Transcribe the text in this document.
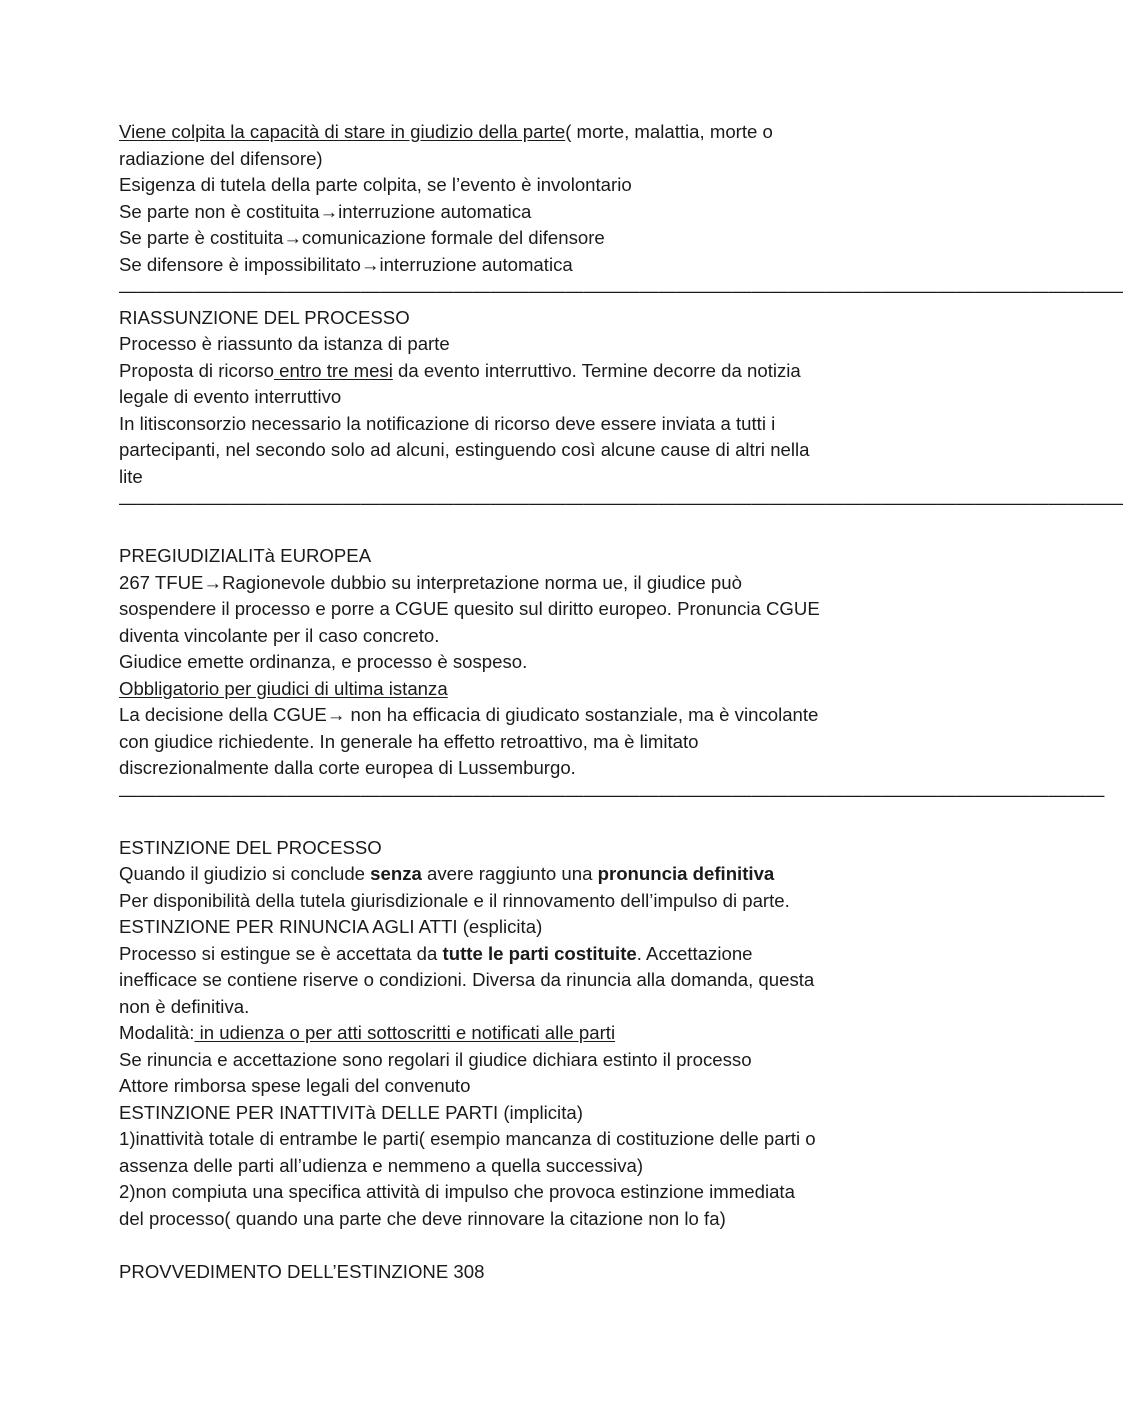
Viene colpita la capacità di stare in giudizio della parte( morte, malattia, morte o
radiazione del difensore)
Esigenza di tutela della parte colpita, se l’evento è involontario
Se parte non è costituita→interruzione automatica
Se parte è costituita→comunicazione formale del difensore
Se difensore è impossibilitato→interruzione automatica
——————————————————————————————————————————————————————
RIASSUNZIONE DEL PROCESSO
Processo è riassunto da istanza di parte
Proposta di ricorso entro tre mesi da evento interruttivo. Termine decorre da notizia
legale di evento interruttivo
In litisconsorzio necessario la notificazione di ricorso deve essere inviata a tutti i
partecipanti, nel secondo solo ad alcuni, estinguendo così alcune cause di altri nella
lite
——————————————————————————————————————————————————————
PREGIUDIZIALITà EUROPEA
267 TFUE→Ragionevole dubbio su interpretazione norma ue, il giudice può
sospendere il processo e porre a CGUE quesito sul diritto europeo. Pronuncia CGUE
diventa vincolante per il caso concreto.
Giudice emette ordinanza, e processo è sospeso.
Obbligatorio per giudici di ultima istanza
La decisione della CGUE→ non ha efficacia di giudicato sostanziale, ma è vincolante
con giudice richiedente. In generale ha effetto retroattivo, ma è limitato
discrezionalmente dalla corte europea di Lussemburgo.
—————————————————————————————————————————————————————
ESTINZIONE DEL PROCESSO
Quando il giudizio si conclude senza avere raggiunto una pronuncia definitiva
Per disponibilità della tutela giurisdizionale e il rinnovamento dell’impulso di parte.
ESTINZIONE PER RINUNCIA AGLI ATTI (esplicita)
Processo si estingue se è accettata da tutte le parti costituite. Accettazione
inefficace se contiene riserve o condizioni. Diversa da rinuncia alla domanda, questa
non è definitiva.
Modalità: in udienza o per atti sottoscritti e notificati alle parti
Se rinuncia e accettazione sono regolari il giudice dichiara estinto il processo
Attore rimborsa spese legali del convenuto
ESTINZIONE PER INATTIVITà DELLE PARTI (implicita)
1)inattività totale di entrambe le parti( esempio mancanza di costituzione delle parti o
assenza delle parti all’udienza e nemmeno a quella successiva)
2)non compiuta una specifica attività di impulso che provoca estinzione immediata
del processo( quando una parte che deve rinnovare la citazione non lo fa)
PROVVEDIMENTO DELL’ESTINZIONE 308
